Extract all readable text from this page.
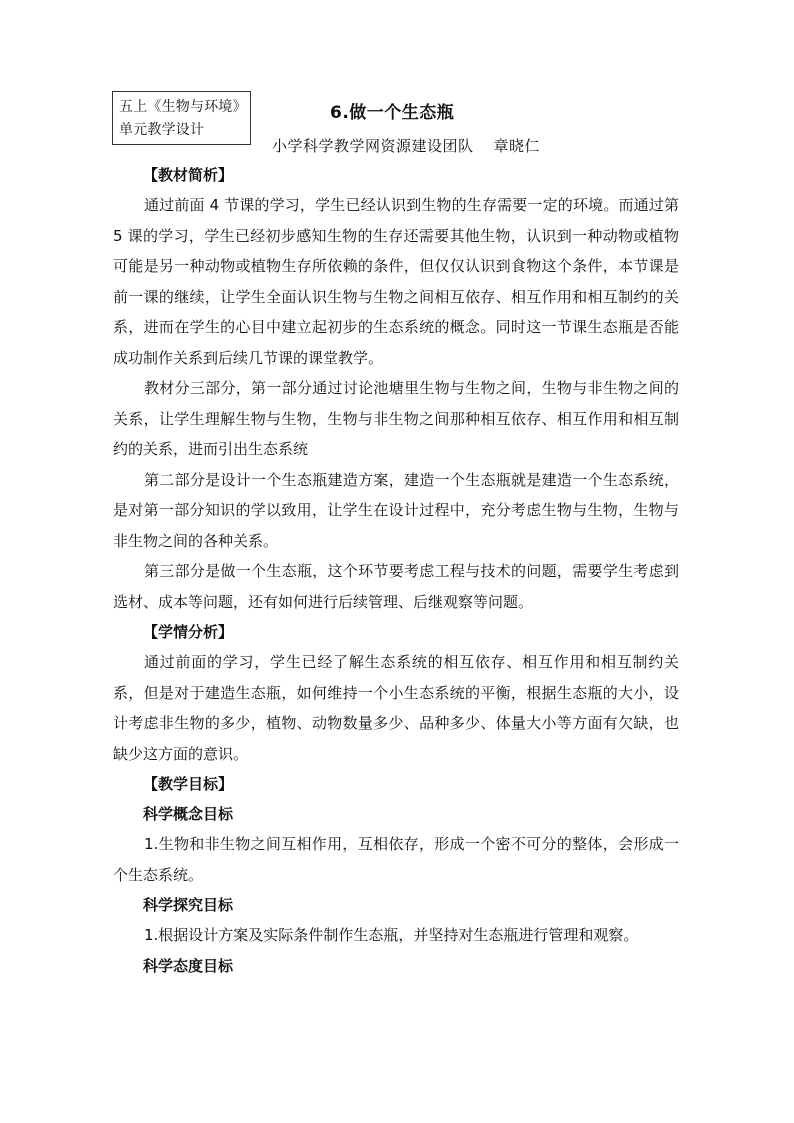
五上《生物与环境》单元教学设计
6.做一个生态瓶
小学科学教学网资源建设团队 章晓仁
【教材简析】

通过前面 4 节课的学习，学生已经认识到生物的生存需要一定的环境。而通过第 5 课的学习，学生已经初步感知生物的生存还需要其他生物，认识到一种动物或植物可能是另一种动物或植物生存所依赖的条件，但仅仅认识到食物这个条件，本节课是前一课的继续，让学生全面认识生物与生物之间相互依存、相互作用和相互制约的关系，进而在学生的心目中建立起初步的生态系统的概念。同时这一节课生态瓶是否能成功制作关系到后续几节课的课堂教学。

教材分三部分，第一部分通过讨论池塘里生物与生物之间，生物与非生物之间的关系，让学生理解生物与生物，生物与非生物之间那种相互依存、相互作用和相互制约的关系，进而引出生态系统

第二部分是设计一个生态瓶建造方案，建造一个生态瓶就是建造一个生态系统，是对第一部分知识的学以致用，让学生在设计过程中，充分考虑生物与生物，生物与非生物之间的各种关系。

第三部分是做一个生态瓶，这个环节要考虑工程与技术的问题，需要学生考虑到选材、成本等问题，还有如何进行后续管理、后继观察等问题。

【学情分析】

通过前面的学习，学生已经了解生态系统的相互依存、相互作用和相互制约关系，但是对于建造生态瓶，如何维持一个小生态系统的平衡，根据生态瓶的大小，设计考虑非生物的多少，植物、动物数量多少、品种多少、体量大小等方面有欠缺，也缺少这方面的意识。

【教学目标】
科学概念目标

1.生物和非生物之间互相作用，互相依存，形成一个密不可分的整体，会形成一个生态系统。

科学探究目标

1.根据设计方案及实际条件制作生态瓶，并坚持对生态瓶进行管理和观察。

科学态度目标
